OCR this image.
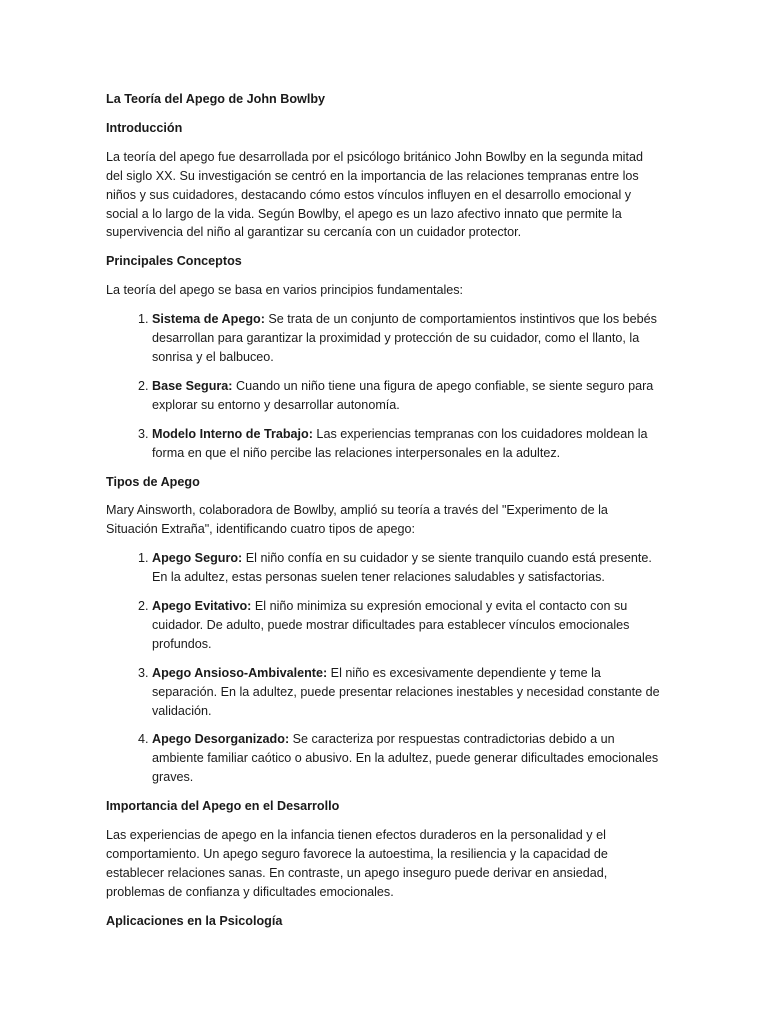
La Teoría del Apego de John Bowlby

Introducción

La teoría del apego fue desarrollada por el psicólogo británico John Bowlby en la segunda mitad del siglo XX. Su investigación se centró en la importancia de las relaciones tempranas entre los niños y sus cuidadores, destacando cómo estos vínculos influyen en el desarrollo emocional y social a lo largo de la vida. Según Bowlby, el apego es un lazo afectivo innato que permite la supervivencia del niño al garantizar su cercanía con un cuidador protector.

Principales Conceptos

La teoría del apego se basa en varios principios fundamentales:

1. Sistema de Apego: Se trata de un conjunto de comportamientos instintivos que los bebés desarrollan para garantizar la proximidad y protección de su cuidador, como el llanto, la sonrisa y el balbuceo.
2. Base Segura: Cuando un niño tiene una figura de apego confiable, se siente seguro para explorar su entorno y desarrollar autonomía.
3. Modelo Interno de Trabajo: Las experiencias tempranas con los cuidadores moldean la forma en que el niño percibe las relaciones interpersonales en la adultez.

Tipos de Apego

Mary Ainsworth, colaboradora de Bowlby, amplió su teoría a través del "Experimento de la Situación Extraña", identificando cuatro tipos de apego:

1. Apego Seguro: El niño confía en su cuidador y se siente tranquilo cuando está presente. En la adultez, estas personas suelen tener relaciones saludables y satisfactorias.
2. Apego Evitativo: El niño minimiza su expresión emocional y evita el contacto con su cuidador. De adulto, puede mostrar dificultades para establecer vínculos emocionales profundos.
3. Apego Ansioso-Ambivalente: El niño es excesivamente dependiente y teme la separación. En la adultez, puede presentar relaciones inestables y necesidad constante de validación.
4. Apego Desorganizado: Se caracteriza por respuestas contradictorias debido a un ambiente familiar caótico o abusivo. En la adultez, puede generar dificultades emocionales graves.

Importancia del Apego en el Desarrollo

Las experiencias de apego en la infancia tienen efectos duraderos en la personalidad y el comportamiento. Un apego seguro favorece la autoestima, la resiliencia y la capacidad de establecer relaciones sanas. En contraste, un apego inseguro puede derivar en ansiedad, problemas de confianza y dificultades emocionales.

Aplicaciones en la Psicología
